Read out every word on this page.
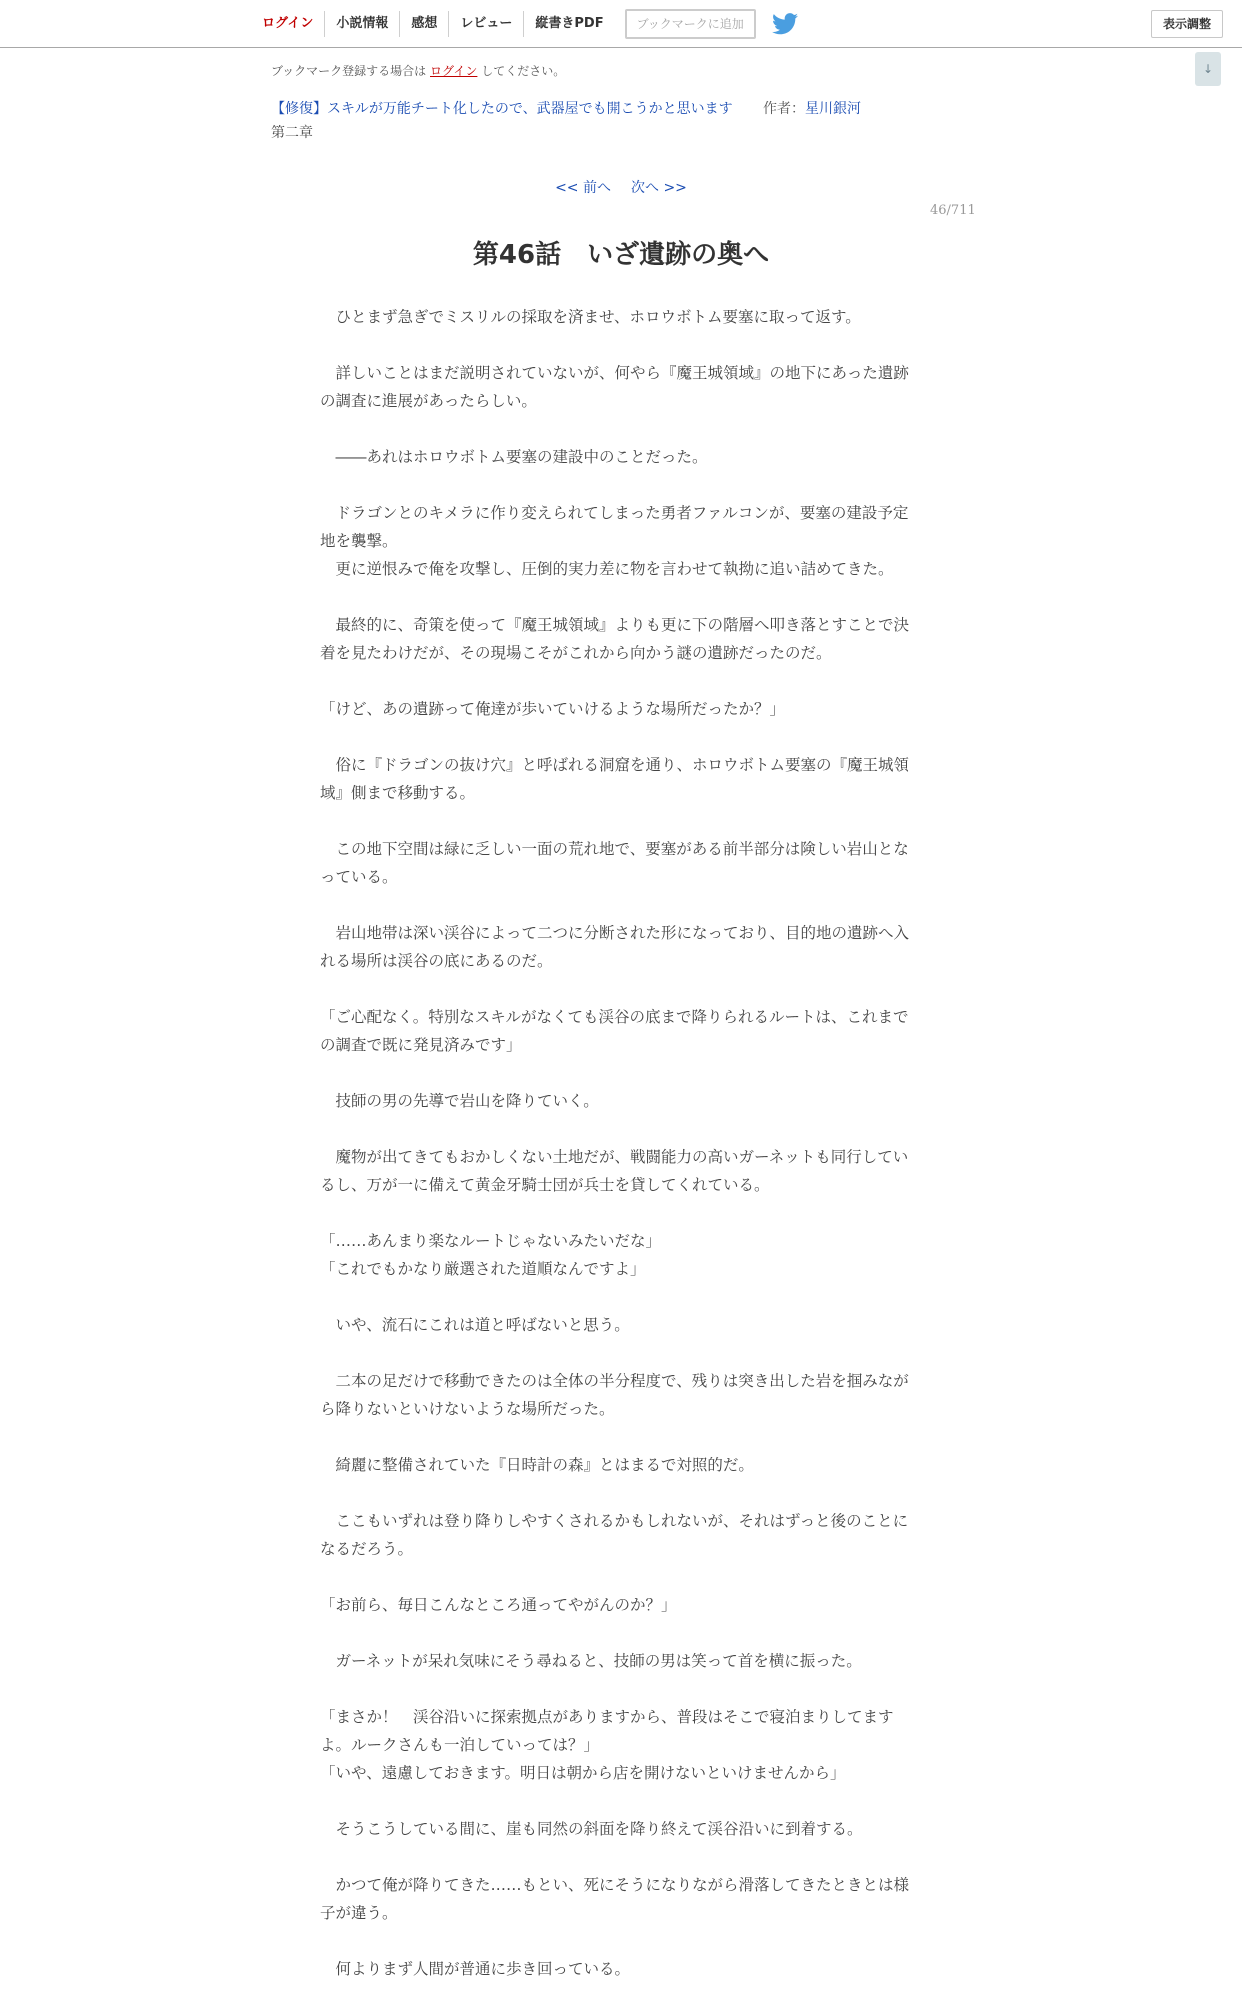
ログイン	小説情報	感想	レビュー	縦書きPDF	ブックマークに追加	表示調整
↓
ブックマーク登録する場合は ログイン してください。
【修復】スキルが万能チート化したので、武器屋でも開こうかと思います 作者：星川銀河
第二章
<< 前へ 次へ >>
46/711
第46話　いざ遺跡の奥へ

　ひとまず急ぎでミスリルの採取を済ませ、ホロウボトム要塞に取って返す。

　詳しいことはまだ説明されていないが、何やら『魔王城領域』の地下にあった遺跡の調査に進展があったらしい。

　――あれはホロウボトム要塞の建設中のことだった。

　ドラゴンとのキメラに作り変えられてしまった勇者ファルコンが、要塞の建設予定地を襲撃。
　更に逆恨みで俺を攻撃し、圧倒的実力差に物を言わせて執拗に追い詰めてきた。

　最終的に、奇策を使って『魔王城領域』よりも更に下の階層へ叩き落とすことで決着を見たわけだが、その現場こそがこれから向かう謎の遺跡だったのだ。

「けど、あの遺跡って俺達が歩いていけるような場所だったか？」

　俗に『ドラゴンの抜け穴』と呼ばれる洞窟を通り、ホロウボトム要塞の『魔王城領域』側まで移動する。

　この地下空間は緑に乏しい一面の荒れ地で、要塞がある前半部分は険しい岩山となっている。

　岩山地帯は深い渓谷によって二つに分断された形になっており、目的地の遺跡へ入れる場所は渓谷の底にあるのだ。

「ご心配なく。特別なスキルがなくても渓谷の底まで降りられるルートは、これまでの調査で既に発見済みです」

　技師の男の先導で岩山を降りていく。

　魔物が出てきてもおかしくない土地だが、戦闘能力の高いガーネットも同行しているし、万が一に備えて黄金牙騎士団が兵士を貸してくれている。

「……あんまり楽なルートじゃないみたいだな」
「これでもかなり厳選された道順なんですよ」

　いや、流石にこれは道と呼ばないと思う。

　二本の足だけで移動できたのは全体の半分程度で、残りは突き出した岩を掴みながら降りないといけないような場所だった。

　綺麗に整備されていた『日時計の森』とはまるで対照的だ。

　ここもいずれは登り降りしやすくされるかもしれないが、それはずっと後のことになるだろう。

「お前ら、毎日こんなところ通ってやがんのか？」

　ガーネットが呆れ気味にそう尋ねると、技師の男は笑って首を横に振った。

「まさか！　渓谷沿いに探索拠点がありますから、普段はそこで寝泊まりしてますよ。ルークさんも一泊していっては？」
「いや、遠慮しておきます。明日は朝から店を開けないといけませんから」

　そうこうしている間に、崖も同然の斜面を降り終えて渓谷沿いに到着する。

　かつて俺が降りてきた……もとい、死にそうになりながら滑落してきたときとは様子が違う。

　何よりまず人間が普通に歩き回っている。
